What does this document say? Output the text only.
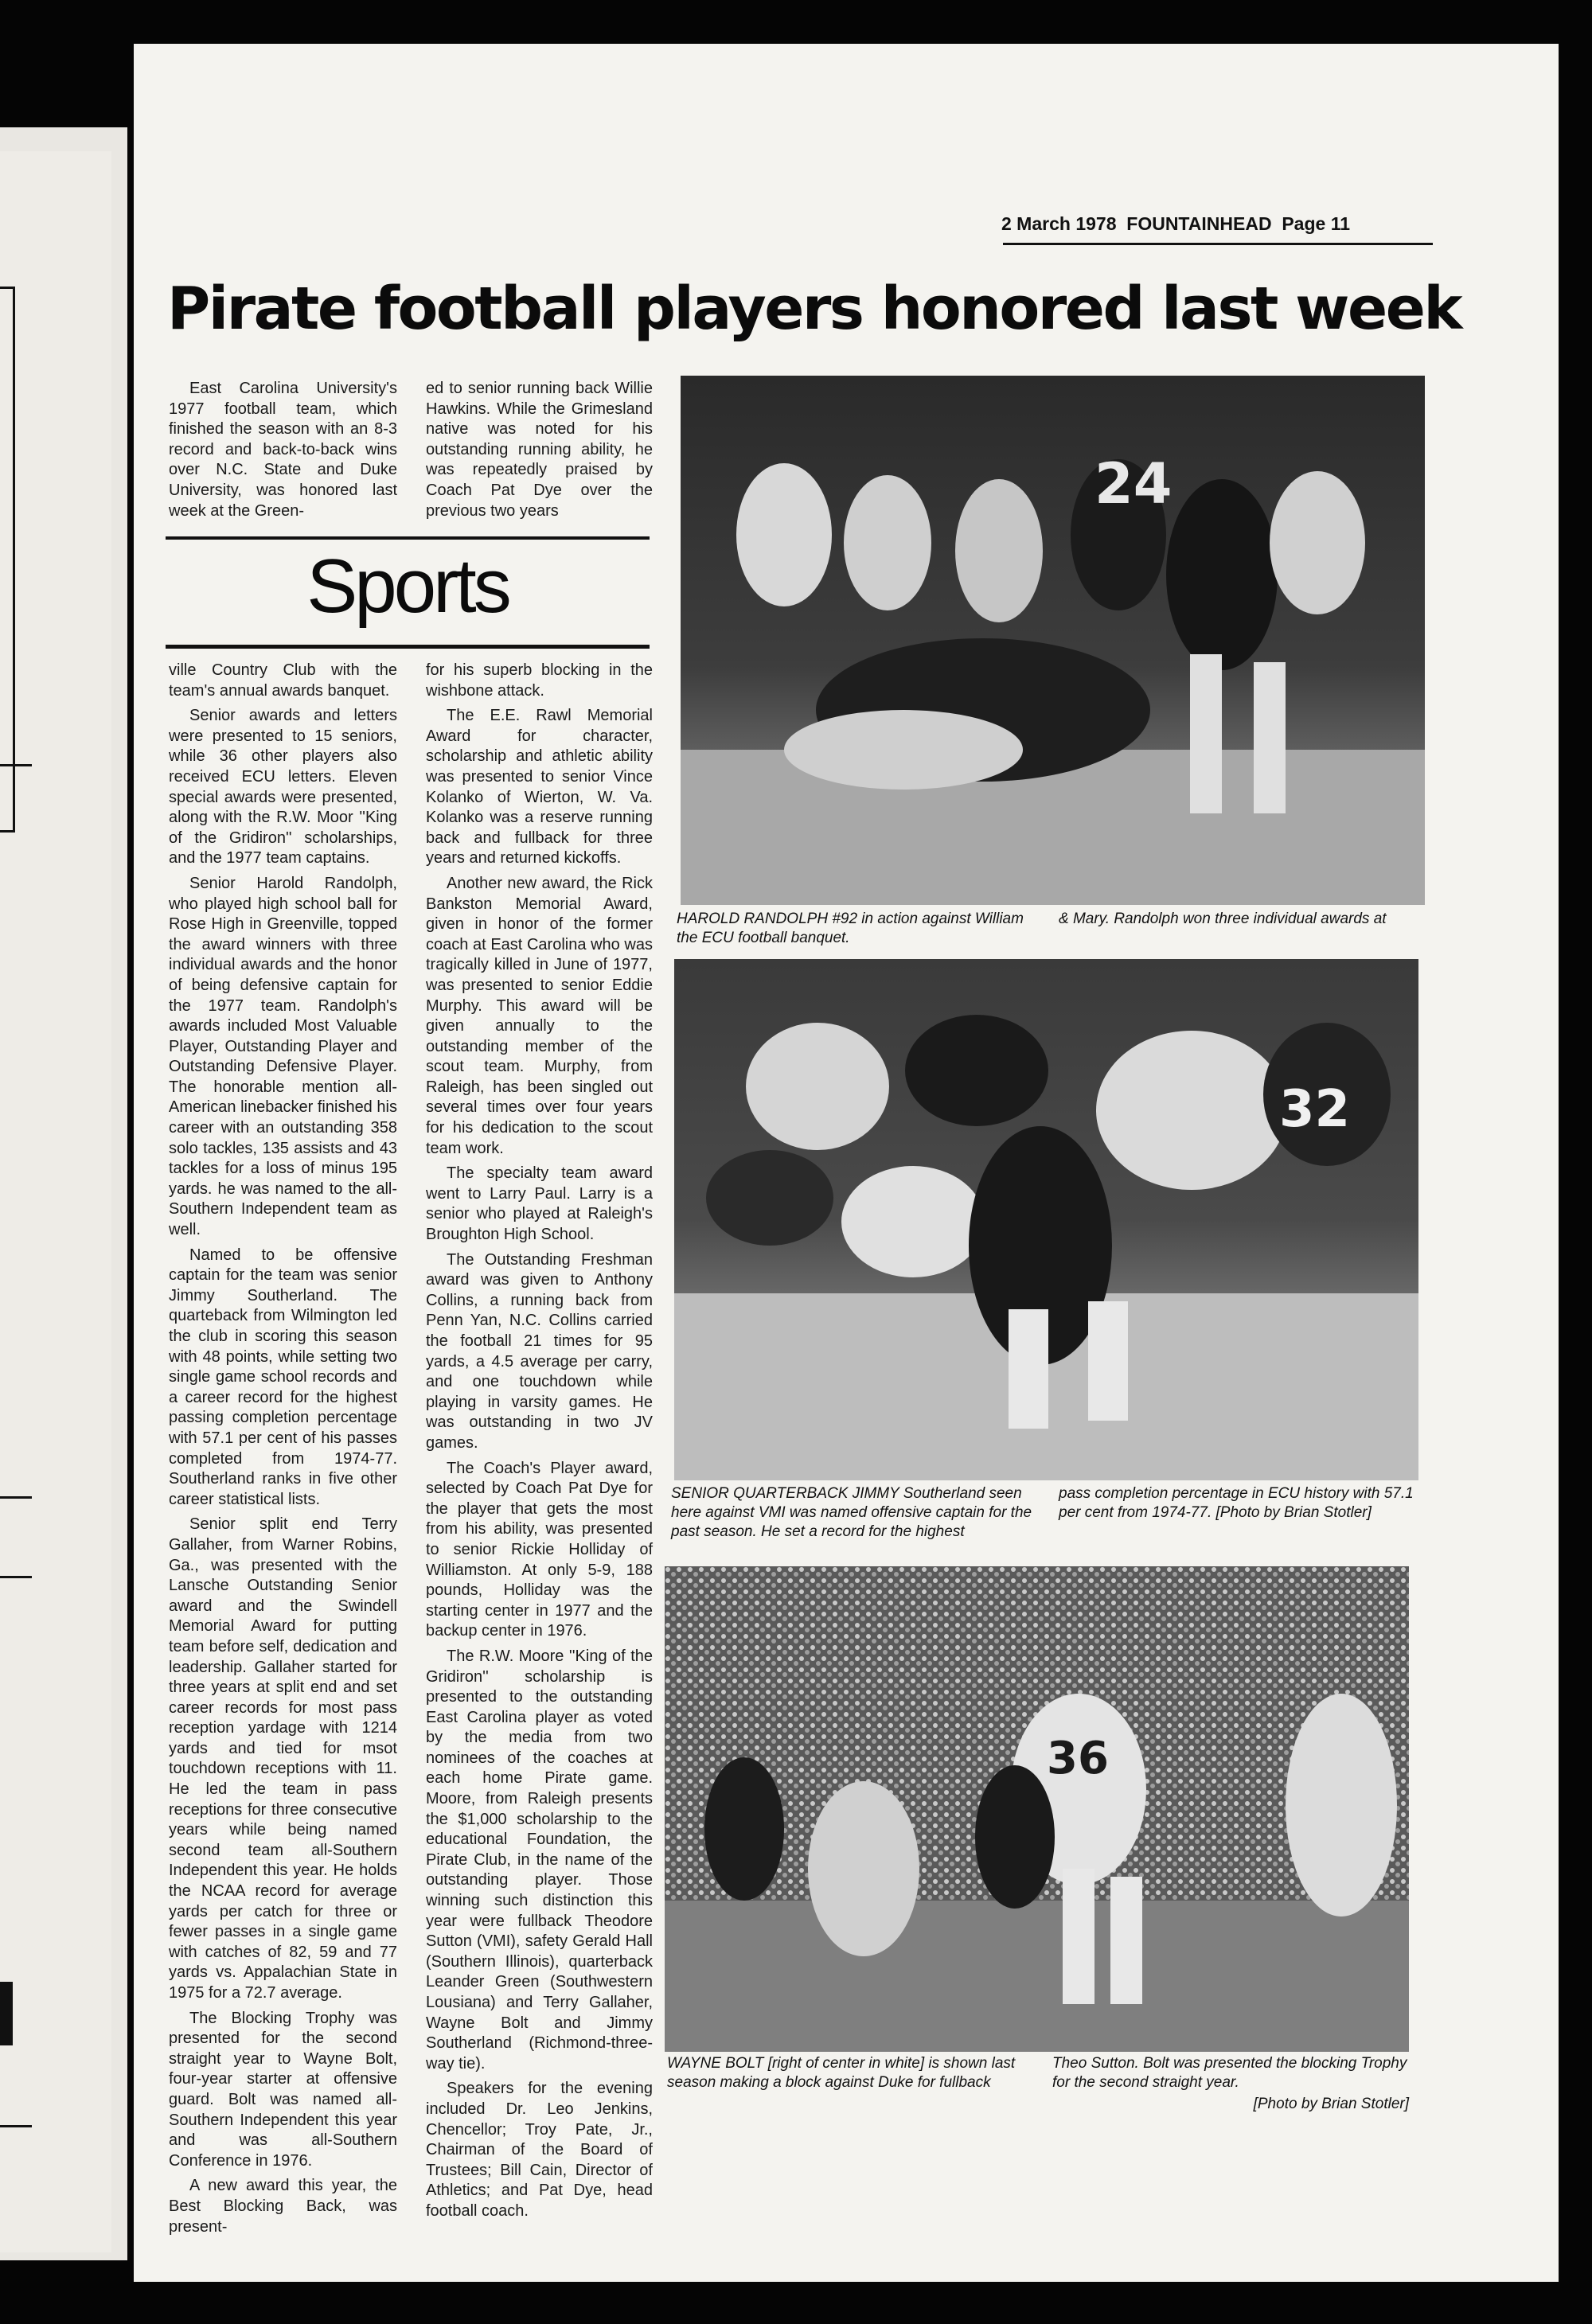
2 March 1978 FOUNTAINHEAD Page 11
Pirate football players honored last week

East Carolina University's 1977 football team, which finished the season with an 8-3 record and back-to-back wins over N.C. State and Duke University, was honored last week at the Green-

ed to senior running back Willie Hawkins. While the Grimesland native was noted for his outstanding running ability, he was repeatedly praised by Coach Pat Dye over the previous two years

Sports

ville Country Club with the team's annual awards banquet.

Senior awards and letters were presented to 15 seniors, while 36 other players also received ECU letters. Eleven special awards were presented, along with the R.W. Moor ''King of the Gridiron'' scholarships, and the 1977 team captains.

Senior Harold Randolph, who played high school ball for Rose High in Greenville, topped the award winners with three individual awards and the honor of being defensive captain for the 1977 team. Randolph's awards included Most Valuable Player, Outstanding Player and Outstanding Defensive Player. The honorable mention all-American linebacker finished his career with an outstanding 358 solo tackles, 135 assists and 43 tackles for a loss of minus 195 yards. he was named to the all-Southern Independent team as well.

Named to be offensive captain for the team was senior Jimmy Southerland. The quarteback from Wilmington led the club in scoring this season with 48 points, while setting two single game school records and a career record for the highest passing completion percentage with 57.1 per cent of his passes completed from 1974-77. Southerland ranks in five other career statistical lists.

Senior split end Terry Gallaher, from Warner Robins, Ga., was presented with the Lansche Outstanding Senior award and the Swindell Memorial Award for putting team before self, dedication and leadership. Gallaher started for three years at split end and set career records for most pass reception yardage with 1214 yards and tied for msot touchdown receptions with 11. He led the team in pass receptions for three consecutive years while being named second team all-Southern Independent this year. He holds the NCAA record for average yards per catch for three or fewer passes in a single game with catches of 82, 59 and 77 yards vs. Appalachian State in 1975 for a 72.7 average.

The Blocking Trophy was presented for the second straight year to Wayne Bolt, four-year starter at offensive guard. Bolt was named all-Southern Independent this year and was all-Southern Conference in 1976.

A new award this year, the Best Blocking Back, was present-

for his superb blocking in the wishbone attack.

The E.E. Rawl Memorial Award for character, scholarship and athletic ability was presented to senior Vince Kolanko of Wierton, W. Va. Kolanko was a reserve running back and fullback for three years and returned kickoffs.

Another new award, the Rick Bankston Memorial Award, given in honor of the former coach at East Carolina who was tragically killed in June of 1977, was presented to senior Eddie Murphy. This award will be given annually to the outstanding member of the scout team. Murphy, from Raleigh, has been singled out several times over four years for his dedication to the scout team work.

The specialty team award went to Larry Paul. Larry is a senior who played at Raleigh's Broughton High School.

The Outstanding Freshman award was given to Anthony Collins, a running back from Penn Yan, N.C. Collins carried the football 21 times for 95 yards, a 4.5 average per carry, and one touchdown while playing in varsity games. He was outstanding in two JV games.

The Coach's Player award, selected by Coach Pat Dye for the player that gets the most from his ability, was presented to senior Rickie Holliday of Williamston. At only 5-9, 188 pounds, Holliday was the starting center in 1977 and the backup center in 1976.

The R.W. Moore ''King of the Gridiron'' scholarship is presented to the outstanding East Carolina player as voted by the media from two nominees of the coaches at each home Pirate game. Moore, from Raleigh presents the $1,000 scholarship to the educational Foundation, the Pirate Club, in the name of the outstanding player. Those winning such distinction this year were fullback Theodore Sutton (VMI), safety Gerald Hall (Southern Illinois), quarterback Leander Green (Southwestern Lousiana) and Terry Gallaher, Wayne Bolt and Jimmy Southerland (Richmond-three-way tie).

Speakers for the evening included Dr. Leo Jenkins, Chencellor; Troy Pate, Jr., Chairman of the Board of Trustees; Bill Cain, Director of Athletics; and Pat Dye, head football coach.

24
HAROLD RANDOLPH #92 in action against William the ECU football banquet.
& Mary. Randolph won three individual awards at
32
SENIOR QUARTERBACK JIMMY Southerland seen here against VMI was named offensive captain for the past season. He set a record for the highest
pass completion percentage in ECU history with 57.1 per cent from 1974-77. [Photo by Brian Stotler]
36
WAYNE BOLT [right of center in white] is shown last season making a block against Duke for fullback
Theo Sutton. Bolt was presented the blocking Trophy for the second straight year.
[Photo by Brian Stotler]
